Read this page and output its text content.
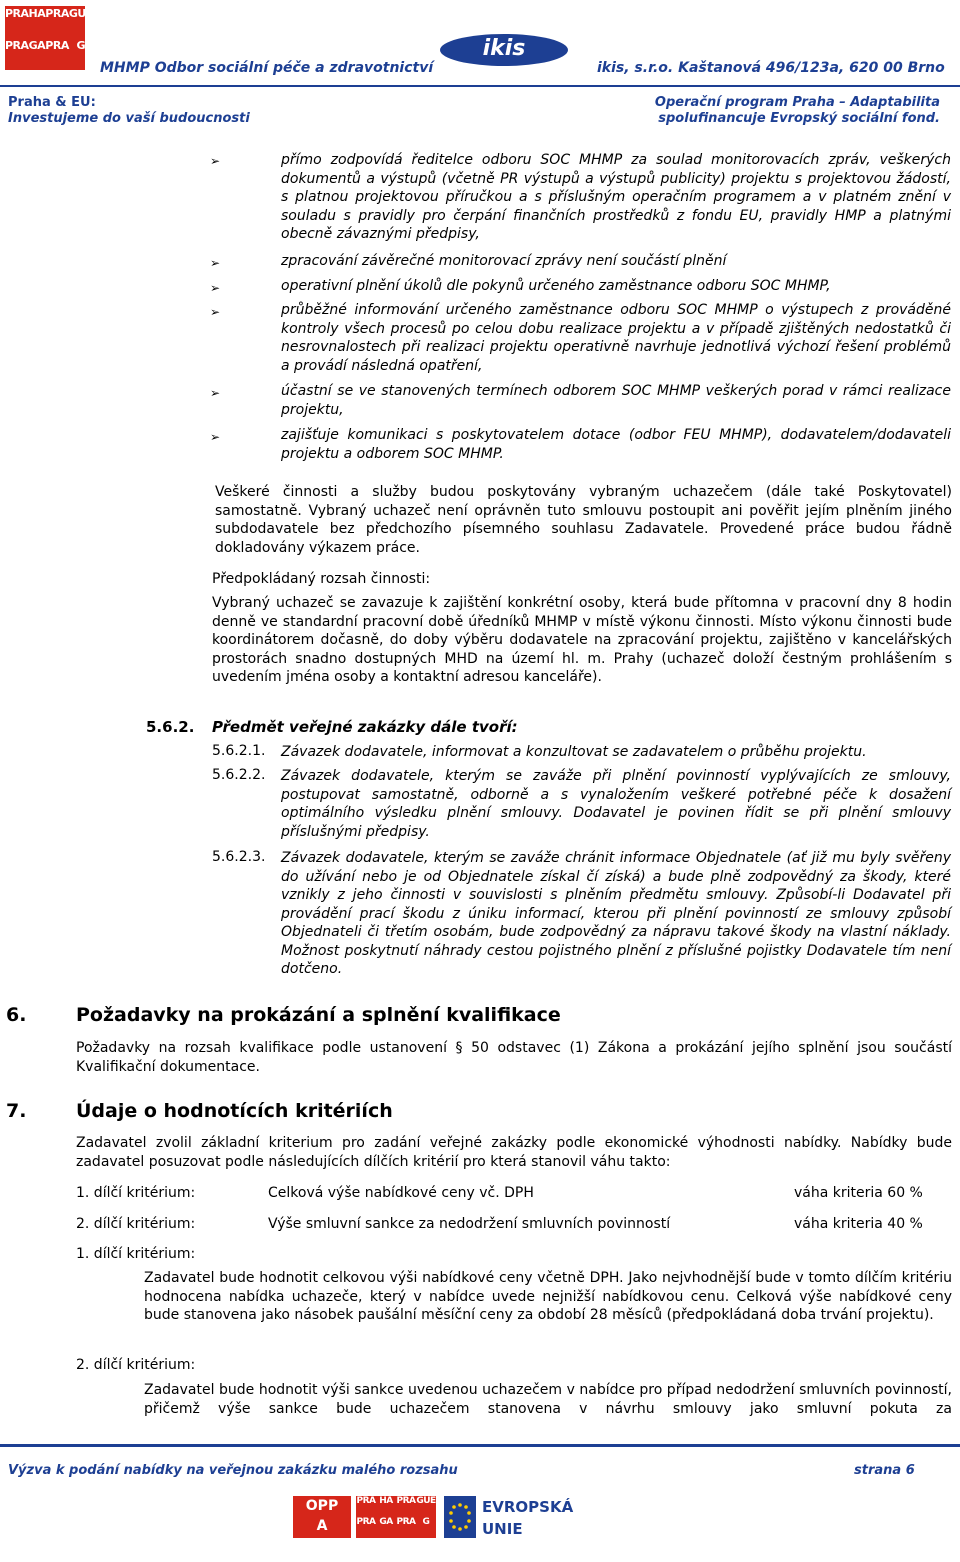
PRA HA PRA GUE
PRA GA PRA G
MHMP Odbor sociální péče a zdravotnictví
ikis
ikis, s.r.o. Kaštanová 496/123a, 620 00 Brno
Praha & EU:
Investujeme do vaší budoucnosti
Operační program Praha – Adaptabilita
spolufinancuje Evropský sociální fond.
➢	přímo zodpovídá ředitelce odboru SOC MHMP za soulad monitorovacích zpráv, veškerých dokumentů a výstupů (včetně PR výstupů a výstupů publicity) projektu s projektovou žádostí, s platnou projektovou příručkou a s příslušným operačním programem a v platném znění v souladu s pravidly pro čerpání finančních prostředků z fondu EU, pravidly HMP a platnými obecně závaznými předpisy,
➢	zpracování závěrečné monitorovací zprávy není součástí plnění
➢	operativní plnění úkolů dle pokynů určeného zaměstnance odboru SOC MHMP,
➢	průběžné informování určeného zaměstnance odboru SOC MHMP o výstupech z prováděné kontroly všech procesů po celou dobu realizace projektu a v případě zjištěných nedostatků či nesrovnalostech při realizaci projektu operativně navrhuje jednotlivá výchozí řešení problémů a provádí následná opatření,
➢	účastní se ve stanovených termínech odborem SOC MHMP veškerých porad v rámci realizace projektu,
➢	zajišťuje komunikaci s poskytovatelem dotace (odbor FEU MHMP), dodavatelem/dodavateli projektu a odborem SOC MHMP.
Veškeré činnosti a služby budou poskytovány vybraným uchazečem (dále také Poskytovatel) samostatně. Vybraný uchazeč není oprávněn tuto smlouvu postoupit ani pověřit jejím plněním jiného subdodavatele bez předchozího písemného souhlasu Zadavatele. Provedené práce budou řádně dokladovány výkazem práce.
Předpokládaný rozsah činnosti:
Vybraný uchazeč se zavazuje k zajištění konkrétní osoby, která bude přítomna v pracovní dny 8 hodin denně ve standardní pracovní době úředníků MHMP v místě výkonu činnosti. Místo výkonu činnosti bude koordinátorem dočasně, do doby výběru dodavatele na zpracování projektu, zajištěno v kancelářských prostorách snadno dostupných MHD na území hl. m. Prahy (uchazeč doloží čestným prohlášením s uvedením jména osoby a kontaktní adresou kanceláře).
5.6.2. Předmět veřejné zakázky dále tvoří:
5.6.2.1. Závazek dodavatele, informovat a konzultovat se zadavatelem o průběhu projektu.
5.6.2.2. Závazek dodavatele, kterým se zaváže při plnění povinností vyplývajících ze smlouvy, postupovat samostatně, odborně a s vynaložením veškeré potřebné péče k dosažení optimálního výsledku plnění smlouvy. Dodavatel je povinen řídit se při plnění smlouvy příslušnými předpisy.
5.6.2.3. Závazek dodavatele, kterým se zaváže chránit informace Objednatele (ať již mu byly svěřeny do užívání nebo je od Objednatele získal čí získá) a bude plně zodpovědný za škody, které vznikly z jeho činnosti v souvislosti s plněním předmětu smlouvy. Způsobí-li Dodavatel při provádění prací škodu z úniku informací, kterou při plnění povinností ze smlouvy způsobí Objednateli či třetím osobám, bude zodpovědný za nápravu takové škody na vlastní náklady. Možnost poskytnutí náhrady cestou pojistného plnění z příslušné pojistky Dodavatele tím není dotčeno.
6.	Požadavky na prokázání a splnění kvalifikace
Požadavky na rozsah kvalifikace podle ustanovení § 50 odstavec (1) Zákona a prokázání jejího splnění jsou součástí Kvalifikační dokumentace.
7.	Údaje o hodnotících kritériích
Zadavatel zvolil základní kriterium pro zadání veřejné zakázky podle ekonomické výhodnosti nabídky. Nabídky bude zadavatel posuzovat podle následujících dílčích kritérií pro která stanovil váhu takto:
1. dílčí kritérium:	Celková výše nabídkové ceny vč. DPH	váha kriteria 60 %
2. dílčí kritérium:	Výše smluvní sankce za nedodržení smluvních povinností	váha kriteria 40 %
1. dílčí kritérium:
Zadavatel bude hodnotit celkovou výši nabídkové ceny včetně DPH. Jako nejvhodnější bude v tomto dílčím kritériu hodnocena nabídka uchazeče, který v nabídce uvede nejnižší nabídkovou cenu. Celková výše nabídkové ceny bude stanovena jako násobek paušální měsíční ceny za období 28 měsíců (předpokládaná doba trvání projektu).
2. dílčí kritérium:
Zadavatel bude hodnotit výši sankce uvedenou uchazečem v nabídce pro případ nedodržení smluvních povinností, přičemž výše sankce bude uchazečem stanovena v návrhu smlouvy jako smluvní pokuta za
Výzva k podání nabídky na veřejnou zakázku malého rozsahu	strana 6
OPP
A
PRA HA PRA GUE
PRA GA PRA G
EVROPSKÁ
UNIE
